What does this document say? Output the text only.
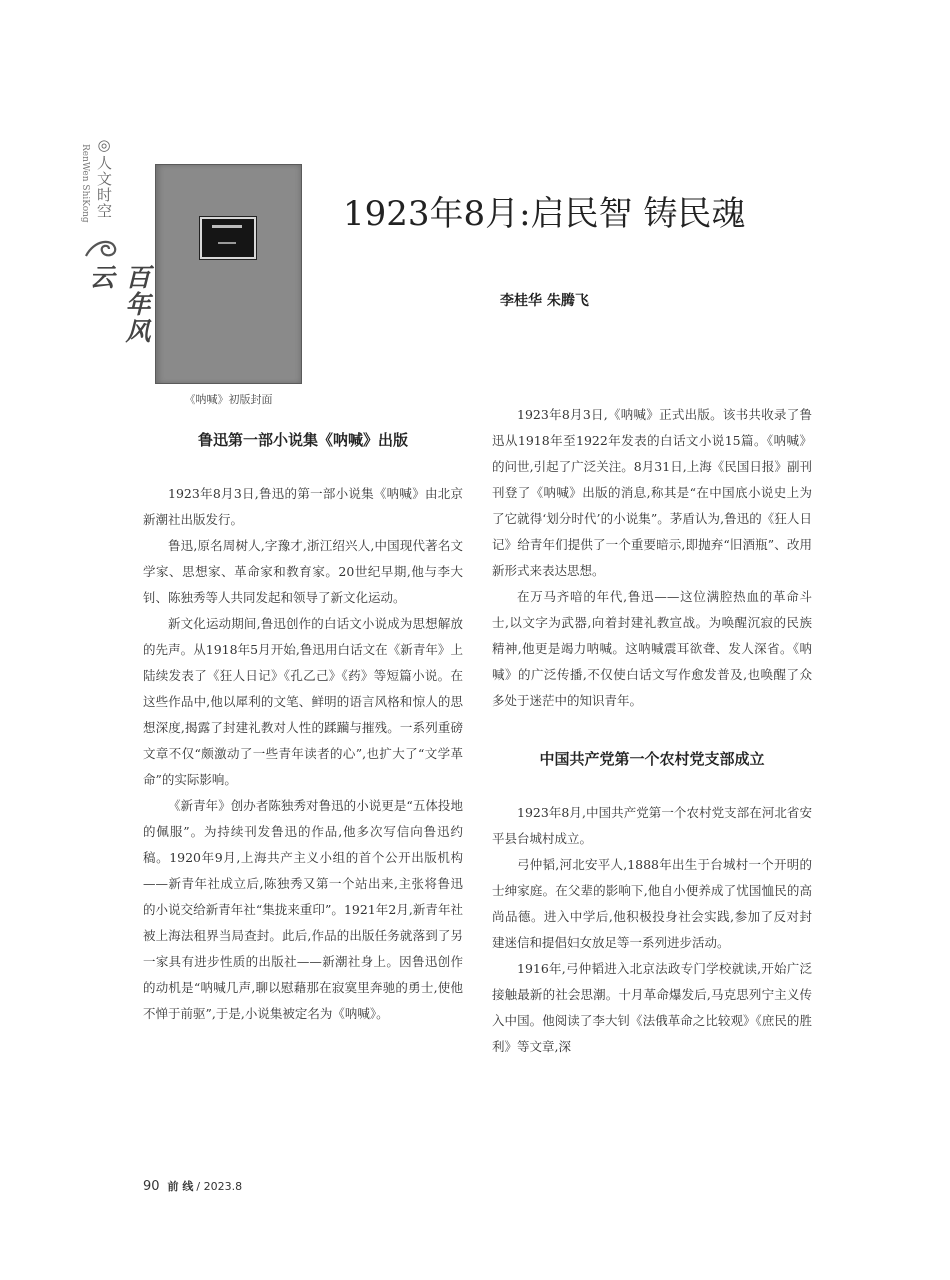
◎人文时空
RenWen ShiKong
百年风云
《呐喊》初版封面
1923年8月:启民智 铸民魂
李桂华 朱腾飞
鲁迅第一部小说集《呐喊》出版

1923年8月3日,鲁迅的第一部小说集《呐喊》由北京新潮社出版发行。

鲁迅,原名周树人,字豫才,浙江绍兴人,中国现代著名文学家、思想家、革命家和教育家。20世纪早期,他与李大钊、陈独秀等人共同发起和领导了新文化运动。

新文化运动期间,鲁迅创作的白话文小说成为思想解放的先声。从1918年5月开始,鲁迅用白话文在《新青年》上陆续发表了《狂人日记》《孔乙己》《药》等短篇小说。在这些作品中,他以犀利的文笔、鲜明的语言风格和惊人的思想深度,揭露了封建礼教对人性的蹂躏与摧残。一系列重磅文章不仅“颇激动了一些青年读者的心”,也扩大了“文学革命”的实际影响。

《新青年》创办者陈独秀对鲁迅的小说更是“五体投地的佩服”。为持续刊发鲁迅的作品,他多次写信向鲁迅约稿。1920年9月,上海共产主义小组的首个公开出版机构——新青年社成立后,陈独秀又第一个站出来,主张将鲁迅的小说交给新青年社“集拢来重印”。1921年2月,新青年社被上海法租界当局查封。此后,作品的出版任务就落到了另一家具有进步性质的出版社——新潮社身上。因鲁迅创作的动机是“呐喊几声,聊以慰藉那在寂寞里奔驰的勇士,使他不惮于前驱”,于是,小说集被定名为《呐喊》。

1923年8月3日,《呐喊》正式出版。该书共收录了鲁迅从1918年至1922年发表的白话文小说15篇。《呐喊》的问世,引起了广泛关注。8月31日,上海《民国日报》副刊刊登了《呐喊》出版的消息,称其是“在中国底小说史上为了它就得‘划分时代’的小说集”。茅盾认为,鲁迅的《狂人日记》给青年们提供了一个重要暗示,即抛弃“旧酒瓶”、改用新形式来表达思想。

在万马齐喑的年代,鲁迅——这位满腔热血的革命斗士,以文字为武器,向着封建礼教宣战。为唤醒沉寂的民族精神,他更是竭力呐喊。这呐喊震耳欲聋、发人深省。《呐喊》的广泛传播,不仅使白话文写作愈发普及,也唤醒了众多处于迷茫中的知识青年。

中国共产党第一个农村党支部成立

1923年8月,中国共产党第一个农村党支部在河北省安平县台城村成立。

弓仲韬,河北安平人,1888年出生于台城村一个开明的士绅家庭。在父辈的影响下,他自小便养成了忧国恤民的高尚品德。进入中学后,他积极投身社会实践,参加了反对封建迷信和提倡妇女放足等一系列进步活动。

1916年,弓仲韬进入北京法政专门学校就读,开始广泛接触最新的社会思潮。十月革命爆发后,马克思列宁主义传入中国。他阅读了李大钊《法俄革命之比较观》《庶民的胜利》等文章,深

90 前 线 / 2023.8
